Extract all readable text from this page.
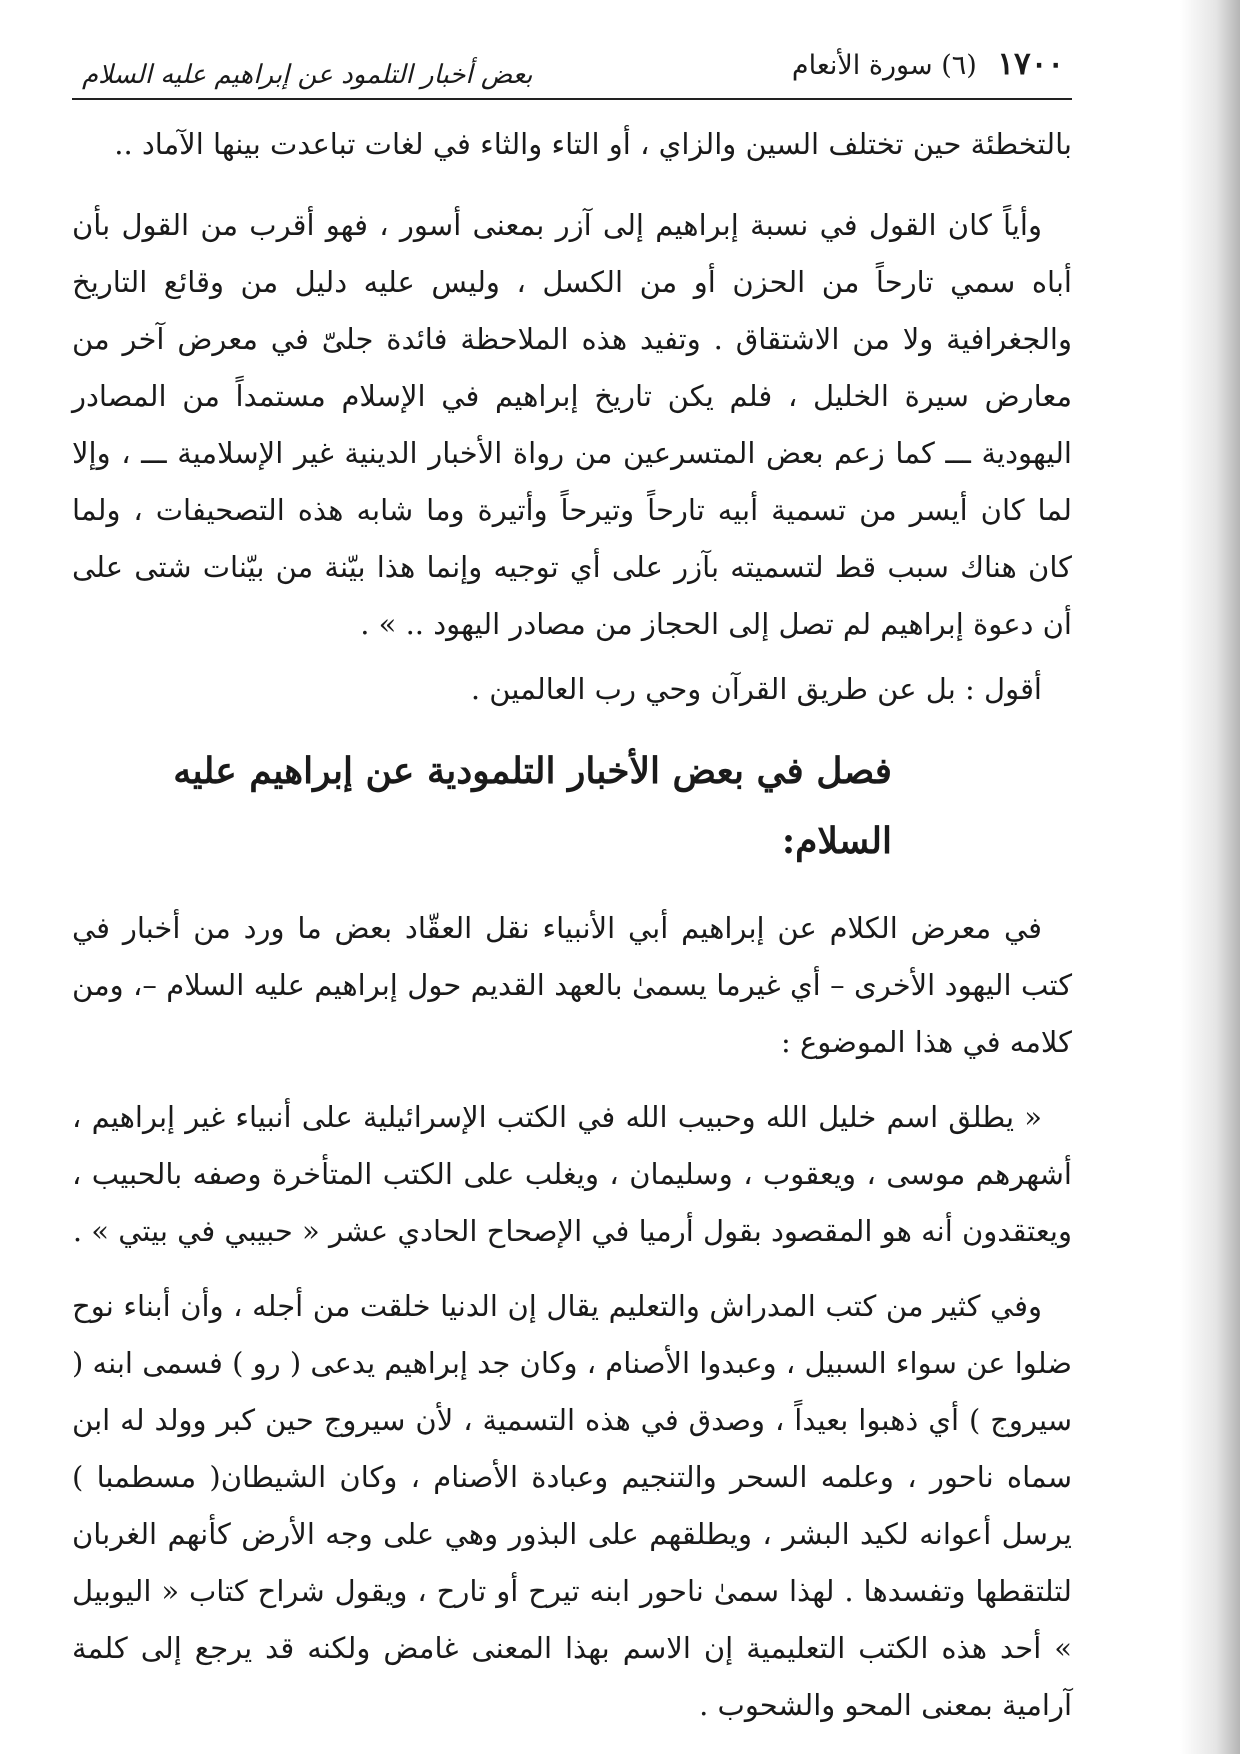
١٧٠٠ (٦) سورة الأنعام
بعض أخبار التلمود عن إبراهيم عليه السلام

بالتخطئة حين تختلف السين والزاي ، أو التاء والثاء في لغات تباعدت بينها الآماد ..

وأياً كان القول في نسبة إبراهيم إلى آزر بمعنى أسور ، فهو أقرب من القول بأن أباه سمي تارحاً من الحزن أو من الكسل ، وليس عليه دليل من وقائع التاريخ والجغرافية ولا من الاشتقاق . وتفيد هذه الملاحظة فائدة جلىّ في معرض آخر من معارض سيرة الخليل ، فلم يكن تاريخ إبراهيم في الإسلام مستمداً من المصادر اليهودية ـــ كما زعم بعض المتسرعين من رواة الأخبار الدينية غير الإسلامية ـــ ، وإلا لما كان أيسر من تسمية أبيه تارحاً وتيرحاً وأتيرة وما شابه هذه التصحيفات ، ولما كان هناك سبب قط لتسميته بآزر على أي توجيه وإنما هذا بيّنة من بيّنات شتى على أن دعوة إبراهيم لم تصل إلى الحجاز من مصادر اليهود .. » .

أقول : بل عن طريق القرآن وحي رب العالمين .

فصل في بعض الأخبار التلمودية عن إبراهيم عليه السلام:

في معرض الكلام عن إبراهيم أبي الأنبياء نقل العقّاد بعض ما ورد من أخبار في كتب اليهود الأخرى – أي غيرما يسمىٰ بالعهد القديم حول إبراهيم عليه السلام –، ومن كلامه في هذا الموضوع :

« يطلق اسم خليل الله وحبيب الله في الكتب الإسرائيلية على أنبياء غير إبراهيم ، أشهرهم موسى ، ويعقوب ، وسليمان ، ويغلب على الكتب المتأخرة وصفه بالحبيب ، ويعتقدون أنه هو المقصود بقول أرميا في الإصحاح الحادي عشر « حبيبي في بيتي » .

وفي كثير من كتب المدراش والتعليم يقال إن الدنيا خلقت من أجله ، وأن أبناء نوح ضلوا عن سواء السبيل ، وعبدوا الأصنام ، وكان جد إبراهيم يدعى ( رو ) فسمى ابنه ( سيروج ) أي ذهبوا بعيداً ، وصدق في هذه التسمية ، لأن سيروج حين كبر وولد له ابن سماه ناحور ، وعلمه السحر والتنجيم وعبادة الأصنام ، وكان الشيطان( مسطمبا ) يرسل أعوانه لكيد البشر ، ويطلقهم على البذور وهي على وجه الأرض كأنهم الغربان لتلتقطها وتفسدها . لهذا سمىٰ ناحور ابنه تيرح أو تارح ، ويقول شراح كتاب « اليوبيل » أحد هذه الكتب التعليمية إن الاسم بهذا المعنى غامض ولكنه قد يرجع إلى كلمة آرامية بمعنى المحو والشحوب .
